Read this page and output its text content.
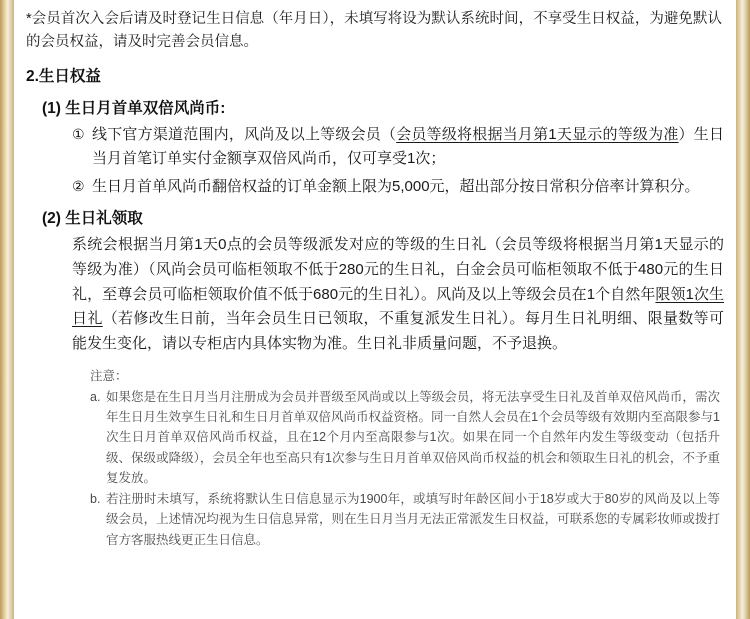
*会员首次入会后请及时登记生日信息（年月日），未填写将设为默认系统时间，不享受生日权益，为避免默认的会员权益，请及时完善会员信息。

2.生日权益
(1) 生日月首单双倍风尚币:
① 线下官方渠道范围内，风尚及以上等级会员（会员等级将根据当月第1天显示的等级为准）生日当月首笔订单实付金额享双倍风尚币，仅可享受1次；
② 生日月首单风尚币翻倍权益的订单金额上限为5,000元，超出部分按日常积分倍率计算积分。
(2) 生日礼领取
系统会根据当月第1天0点的会员等级派发对应的等级的生日礼（会员等级将根据当月第1天显示的等级为准）（风尚会员可临柜领取不低于280元的生日礼，白金会员可临柜领取不低于480元的生日礼，至尊会员可临柜领取价值不低于680元的生日礼）。风尚及以上等级会员在1个自然年限领1次生日礼（若修改生日前，当年会员生日已领取，不重复派发生日礼）。每月生日礼明细、限量数等可能发生变化，请以专柜店内具体实物为准。生日礼非质量问题，不予退换。
注意：
a. 如果您是在生日月当月注册成为会员并晋级至风尚或以上等级会员，将无法享受生日礼及首单双倍风尚币，需次年生日月生效享生日礼和生日月首单双倍风尚币权益资格。同一自然人会员在1个会员等级有效期内至高限参与1次生日月首单双倍风尚币权益，且在12个月内至高限参与1次。如果在同一个自然年内发生等级变动（包括升级、保级或降级），会员全年也至高只有1次参与生日月首单双倍风尚币权益的机会和领取生日礼的机会，不予重复发放。
b. 若注册时未填写，系统将默认生日信息显示为1900年，或填写时年龄区间小于18岁或大于80岁的风尚及以上等级会员，上述情况均视为生日信息异常，则在生日月当月无法正常派发生日权益，可联系您的专属彩妆师或拨打官方客服热线更正生日信息。
